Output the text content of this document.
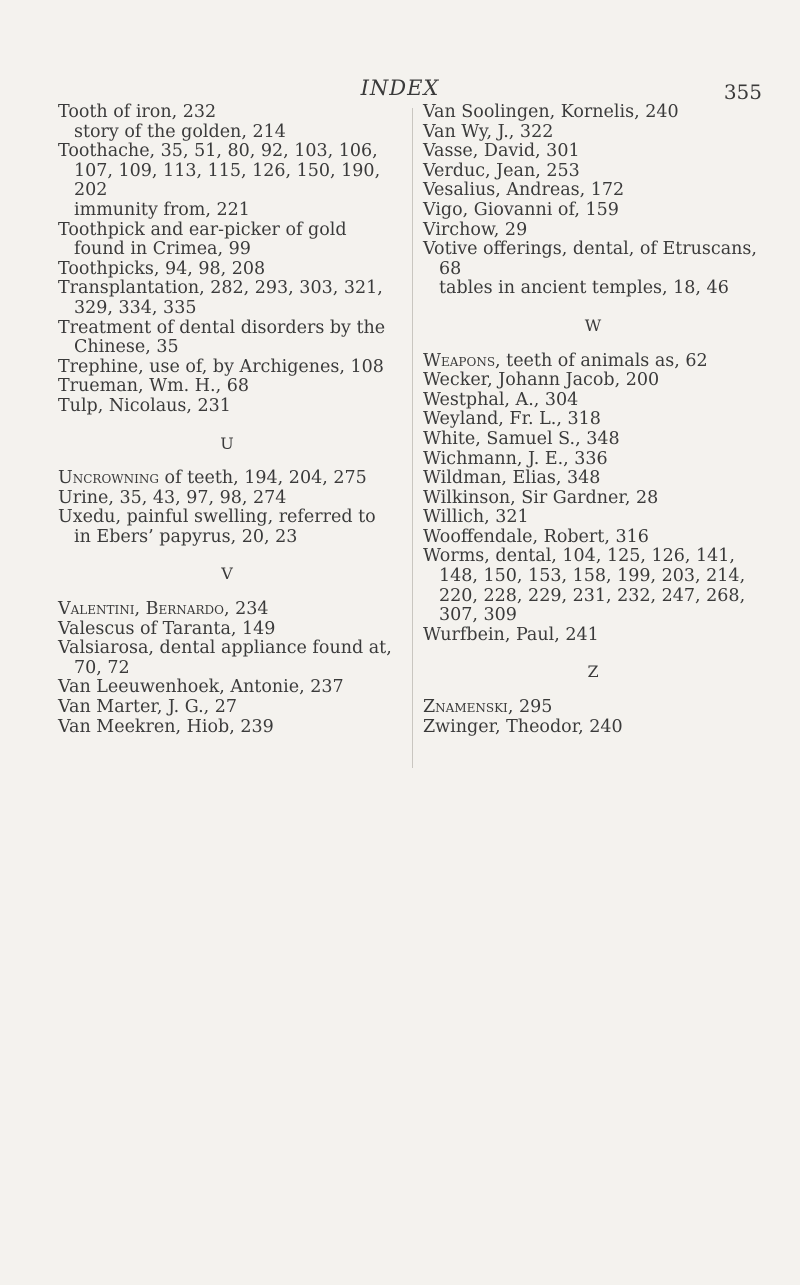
INDEX	355
Tooth of iron, 232
story of the golden, 214
Toothache, 35, 51, 80, 92, 103, 106, 107, 109, 113, 115, 126, 150, 190, 202
immunity from, 221
Toothpick and ear-picker of gold found in Crimea, 99
Toothpicks, 94, 98, 208
Transplantation, 282, 293, 303, 321, 329, 334, 335
Treatment of dental disorders by the Chinese, 35
Trephine, use of, by Archigenes, 108
Trueman, Wm. H., 68
Tulp, Nicolaus, 231
U
Uncrowning of teeth, 194, 204, 275
Urine, 35, 43, 97, 98, 274
Uxedu, painful swelling, referred to in Ebers’ papyrus, 20, 23
V
Valentini, Bernardo, 234
Valescus of Taranta, 149
Valsiarosa, dental appliance found at, 70, 72
Van Leeuwenhoek, Antonie, 237
Van Marter, J. G., 27
Van Meekren, Hiob, 239
Van Soolingen, Kornelis, 240
Van Wy, J., 322
Vasse, David, 301
Verduc, Jean, 253
Vesalius, Andreas, 172
Vigo, Giovanni of, 159
Virchow, 29
Votive offerings, dental, of Etruscans, 68
tables in ancient temples, 18, 46
W
Weapons, teeth of animals as, 62
Wecker, Johann Jacob, 200
Westphal, A., 304
Weyland, Fr. L., 318
White, Samuel S., 348
Wichmann, J. E., 336
Wildman, Elias, 348
Wilkinson, Sir Gardner, 28
Willich, 321
Wooffendale, Robert, 316
Worms, dental, 104, 125, 126, 141, 148, 150, 153, 158, 199, 203, 214, 220, 228, 229, 231, 232, 247, 268, 307, 309
Wurfbein, Paul, 241
Z
Znamenski, 295
Zwinger, Theodor, 240
